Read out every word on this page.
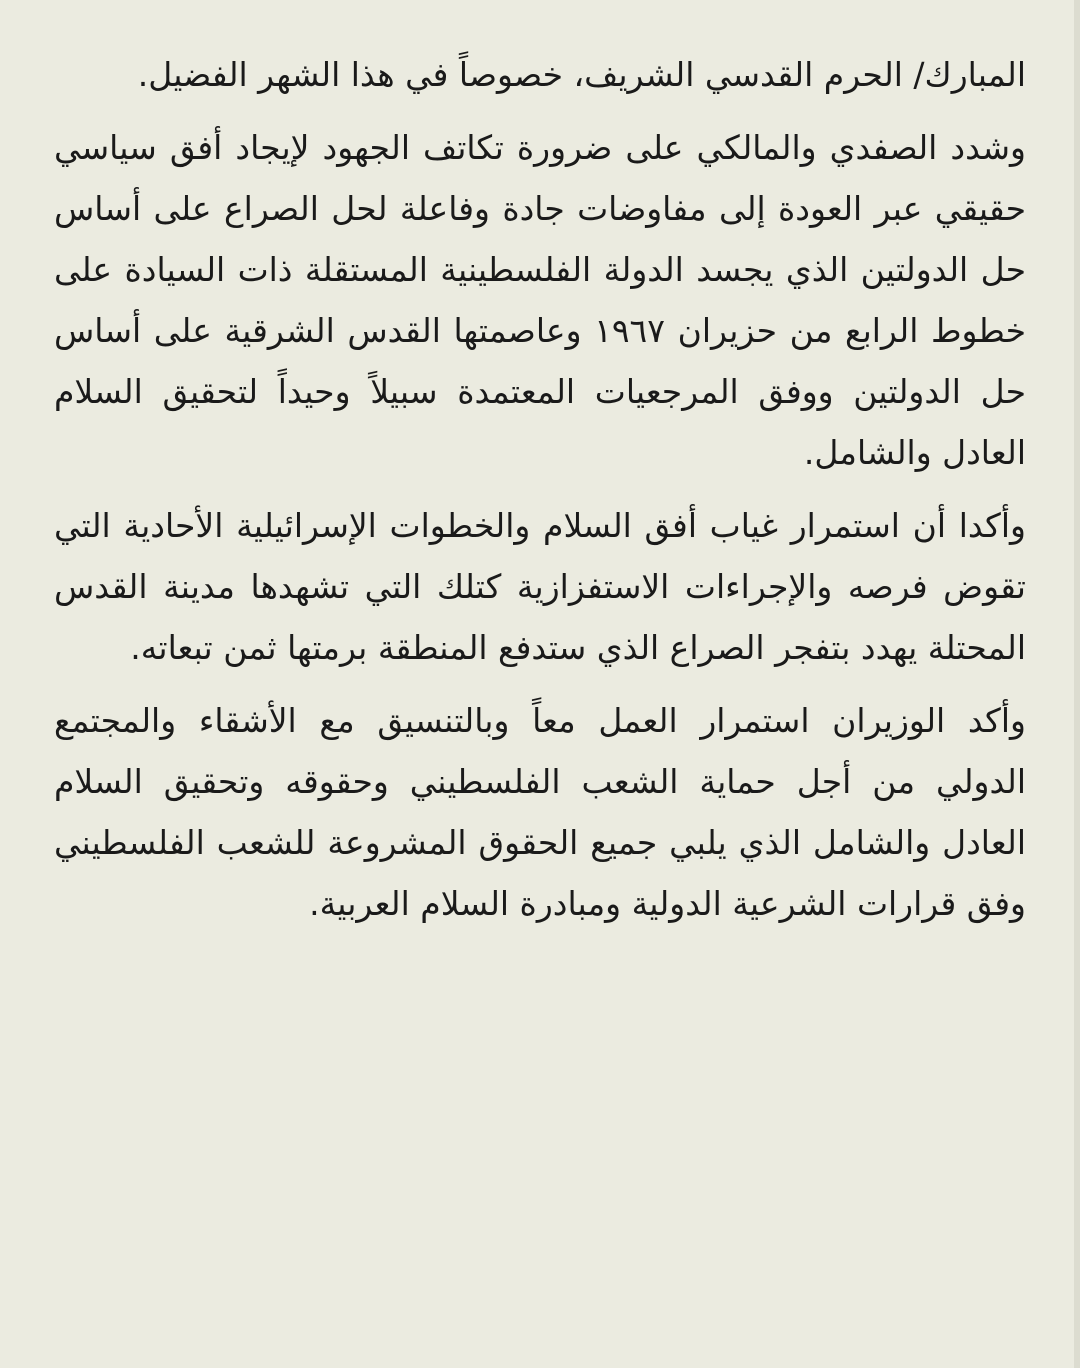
المبارك/ الحرم القدسي الشريف، خصوصاً في هذا الشهر الفضيل.

وشدد الصفدي والمالكي على ضرورة تكاتف الجهود لإيجاد أفق سياسي حقيقي عبر العودة إلى مفاوضات جادة وفاعلة لحل الصراع على أساس حل الدولتين الذي يجسد الدولة الفلسطينية المستقلة ذات السيادة على خطوط الرابع من حزيران ١٩٦٧ وعاصمتها القدس الشرقية على أساس حل الدولتين ووفق المرجعيات المعتمدة سبيلاً وحيداً لتحقيق السلام العادل والشامل.

وأكدا أن استمرار غياب أفق السلام والخطوات الإسرائيلية الأحادية التي تقوض فرصه والإجراءات الاستفزازية كتلك التي تشهدها مدينة القدس المحتلة يهدد بتفجر الصراع الذي ستدفع المنطقة برمتها ثمن تبعاته.

وأكد الوزيران استمرار العمل معاً وبالتنسيق مع الأشقاء والمجتمع الدولي من أجل حماية الشعب الفلسطيني وحقوقه وتحقيق السلام العادل والشامل الذي يلبي جميع الحقوق المشروعة للشعب الفلسطيني وفق قرارات الشرعية الدولية ومبادرة السلام العربية.
